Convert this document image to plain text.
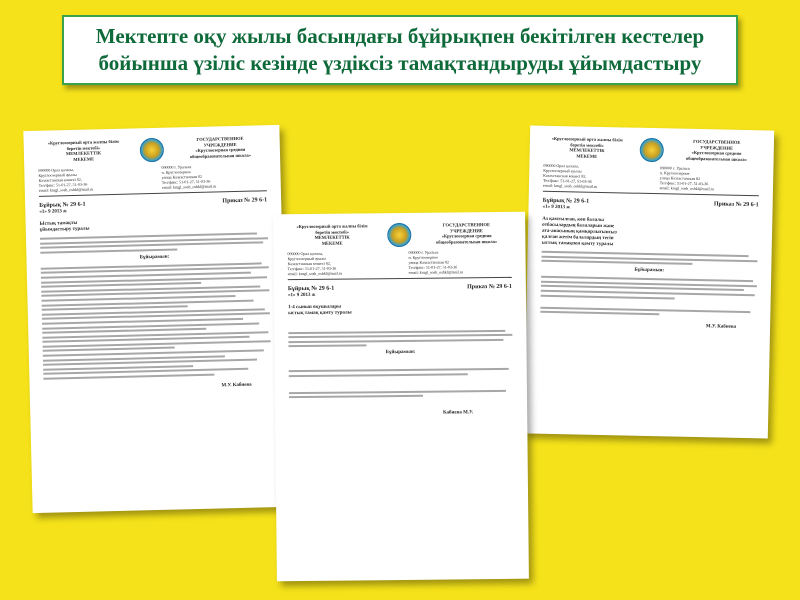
Мектепте оқу жылы басындағы бұйрықпен бекітілген кестелер
бойынша үзіліс кезінде үздіксіз тамақтандыруды ұйымдастыру
«Круглоозерный орта жалпы білім
беретін мектебі»
МЕМЛЕКЕТТІК
МЕКЕМЕ
ГОСУДАРСТВЕННОЕ
УЧРЕЖДЕНИЕ
«Круглоозерная средняя
общеобразовательная школа»
090000 Орал қаласы,
Круглоозерный ауылы
Казахстанская көшесі 82,
Тел/факс: 51-01-27, 51-03-36
email: krugl_sosh_oshkl@mail.ru
090000 г. Уральск
п. Круглоозерное
улица Казахстанская 82
Тел/факс: 51-01-27, 51-03-36
email: krugl_sosh_oshkl@mail.ru
Бұйрық № 29 6-1
Приказ № 29 6-1
«1» 9 2013 ж
Ыстық тамақты
ұйымдастыру туралы
Бұйырамын:
М.У. Кабиева
«Круглоозерный орта жалпы білім
беретін мектебі»
МЕМЛЕКЕТТІК
МЕКЕМЕ
ГОСУДАРСТВЕННОЕ
УЧРЕЖДЕНИЕ
«Круглоозерная средняя
общеобразовательная школа»
090000 Орал қаласы,
Круглоозерный ауылы
Казахстанская көшесі 82,
Тел/факс: 51-01-27, 51-03-36
email: krugl_sosh_oshkl@mail.ru
090000 г. Уральск
п. Круглоозерное
улица Казахстанская 82
Тел/факс: 51-01-27, 51-03-36
email: krugl_sosh_oshkl@mail.ru
Бұйрық № 29 6-1
Приказ № 29 6-1
«1» 9 2013 ж
Аз қамтылған, көп балалы
отбасылардың балаларын және
ата-анасының қамқорлығынсыз
қалған жетім балалардың тегін
ыстық тамақпен қамту туралы
Бұйырамын:
М.У. Кабиева
«Круглоозерный орта жалпы білім
беретін мектебі»
МЕМЛЕКЕТТІК
МЕКЕМЕ
ГОСУДАРСТВЕННОЕ
УЧРЕЖДЕНИЕ
«Круглоозерная средняя
общеобразовательная школа»
090000 Орал қаласы,
Круглоозерный ауылы
Казахстанская көшесі 82,
Тел/факс: 51-01-27, 51-03-36
email: krugl_sosh_oshkl@mail.ru
090000 г. Уральск
п. Круглоозерное
улица Казахстанская 82
Тел/факс: 51-01-27, 51-03-36
email: krugl_sosh_oshkl@mail.ru
Бұйрық № 29 6-1	Приказ № 29 6-1
«1» 9 2013 ж
1-4 сынып оқушылары
ыстық тамақ қамту туралы
Бұйырамын:
Кабиева М.У.
